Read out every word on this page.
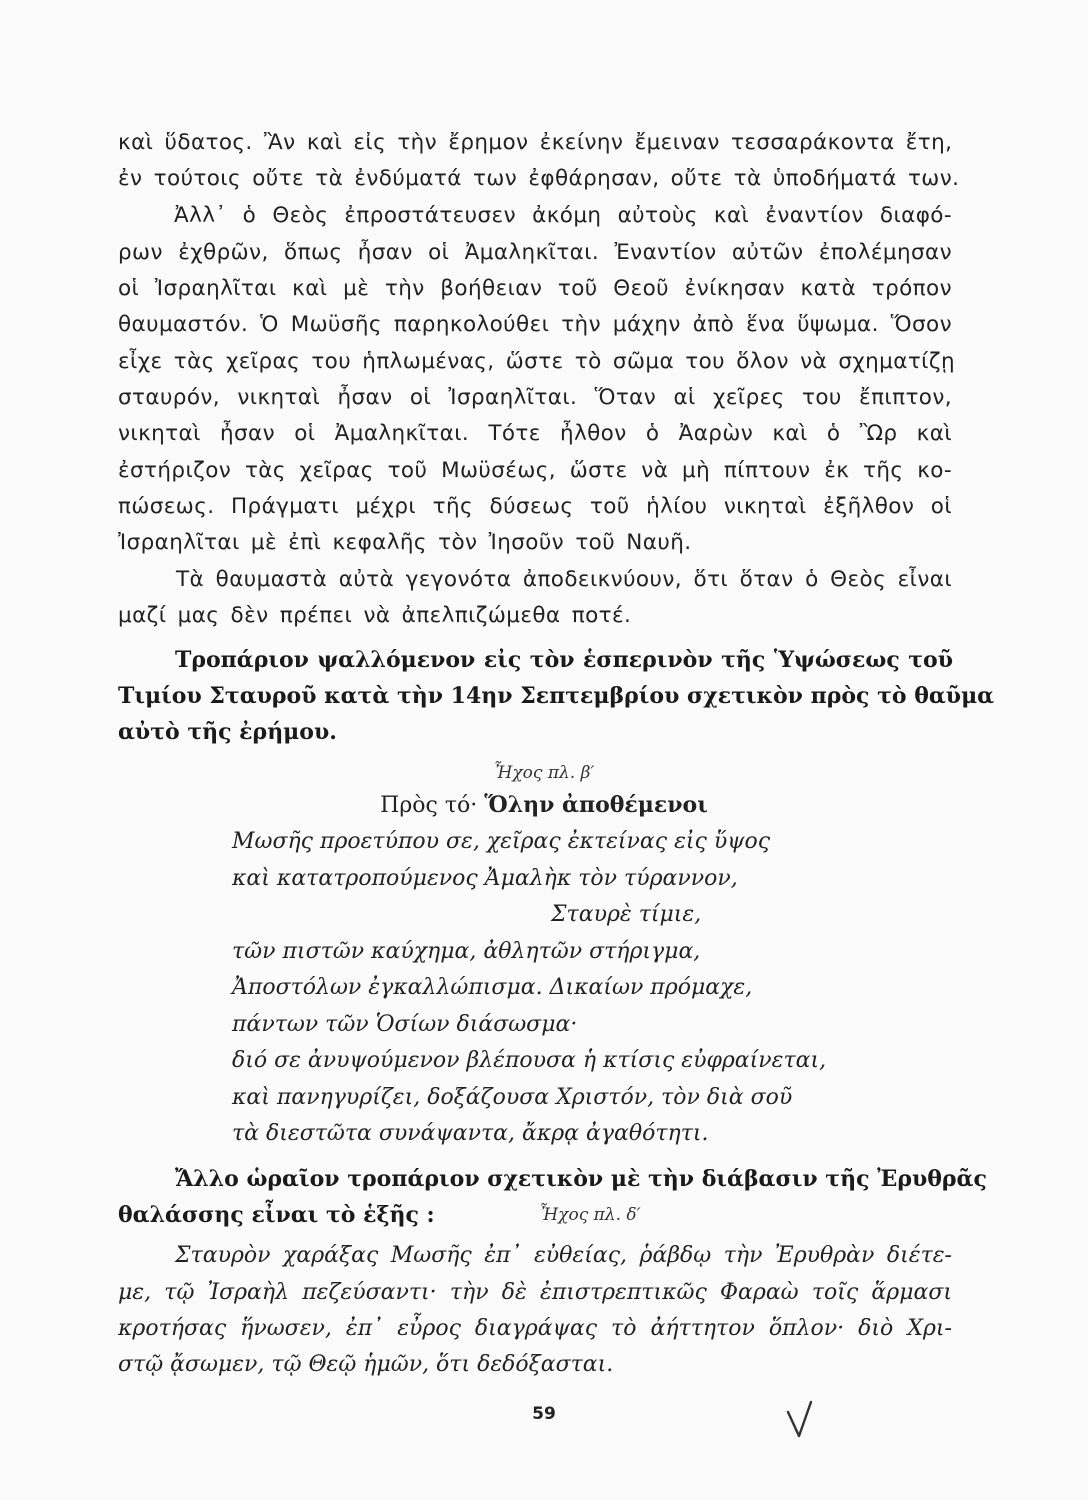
καὶ ὕδατος. Ἂν καὶ εἰς τὴν ἔρημον ἐκείνην ἔμειναν τεσσαράκοντα ἔτη,
ἐν τούτοις οὔτε τὰ ἐνδύματά των ἐφθάρησαν, οὔτε τὰ ὑποδήματά των.
Ἀλλ᾽ ὁ Θεὸς ἐπροστάτευσεν ἀκόμη αὐτοὺς καὶ ἐναντίον διαφό-
ρων ἐχθρῶν, ὅπως ἦσαν οἱ Ἀμαληκῖται. Ἐναντίον αὐτῶν ἐπολέμησαν
οἱ Ἰσραηλῖται καὶ μὲ τὴν βοήθειαν τοῦ Θεοῦ ἐνίκησαν κατὰ τρόπον
θαυμαστόν. Ὁ Μωϋσῆς παρηκολούθει τὴν μάχην ἀπὸ ἕνα ὕψωμα. Ὅσον
εἶχε τὰς χεῖρας του ἡπλωμένας, ὥστε τὸ σῶμα του ὅλον νὰ σχηματίζῃ
σταυρόν, νικηταὶ ἦσαν οἱ Ἰσραηλῖται. Ὅταν αἱ χεῖρες του ἔπιπτον,
νικηταὶ ἦσαν οἱ Ἀμαληκῖται. Τότε ἦλθον ὁ Ἀαρὼν καὶ ὁ Ὢρ καὶ
ἐστήριζον τὰς χεῖρας τοῦ Μωϋσέως, ὥστε νὰ μὴ πίπτουν ἐκ τῆς κο-
πώσεως. Πράγματι μέχρι τῆς δύσεως τοῦ ἡλίου νικηταὶ ἐξῆλθον οἱ
Ἰσραηλῖται μὲ ἐπὶ κεφαλῆς τὸν Ἰησοῦν τοῦ Ναυῆ.
Τὰ θαυμαστὰ αὐτὰ γεγονότα ἀποδεικνύουν, ὅτι ὅταν ὁ Θεὸς εἶναι
μαζί μας δὲν πρέπει νὰ ἀπελπιζώμεθα ποτέ.
Τροπάριον ψαλλόμενον εἰς τὸν ἑσπερινὸν τῆς Ὑψώσεως τοῦ
Τιμίου Σταυροῦ κατὰ τὴν 14ην Σεπτεμβρίου σχετικὸν πρὸς τὸ θαῦμα
αὐτὸ τῆς ἐρήμου.
Ἦχος πλ. β′
Πρὸς τό· Ὅλην ἀποθέμενοι
Μωσῆς προετύπου σε, χεῖρας ἐκτείνας εἰς ὕψος
καὶ κατατροπούμενος Ἀμαλὴκ τὸν τύραννον,
Σταυρὲ τίμιε,
τῶν πιστῶν καύχημα, ἀθλητῶν στήριγμα,
Ἀποστόλων ἐγκαλλώπισμα. Δικαίων πρόμαχε,
πάντων τῶν Ὁσίων διάσωσμα·
διό σε ἀνυψούμενον βλέπουσα ἡ κτίσις εὐφραίνεται,
καὶ πανηγυρίζει, δοξάζουσα Χριστόν, τὸν διὰ σοῦ
τὰ διεστῶτα συνάψαντα, ἄκρᾳ ἀγαθότητι.
Ἄλλο ὡραῖον τροπάριον σχετικὸν μὲ τὴν διάβασιν τῆς Ἐρυθρᾶς
θαλάσσης εἶναι τὸ ἑξῆς :	Ἦχος πλ. δ′
Σταυρὸν χαράξας Μωσῆς ἐπ᾽ εὐθείας, ῥάβδῳ τὴν Ἐρυθρὰν διέτε-
με, τῷ Ἰσραὴλ πεζεύσαντι· τὴν δὲ ἐπιστρεπτικῶς Φαραὼ τοῖς ἅρμασι
κροτήσας ἥνωσεν, ἐπ᾽ εὖρος διαγράψας τὸ ἀήττητον ὅπλον· διὸ Χρι-
στῷ ᾄσωμεν, τῷ Θεῷ ἡμῶν, ὅτι δεδόξασται.
59
